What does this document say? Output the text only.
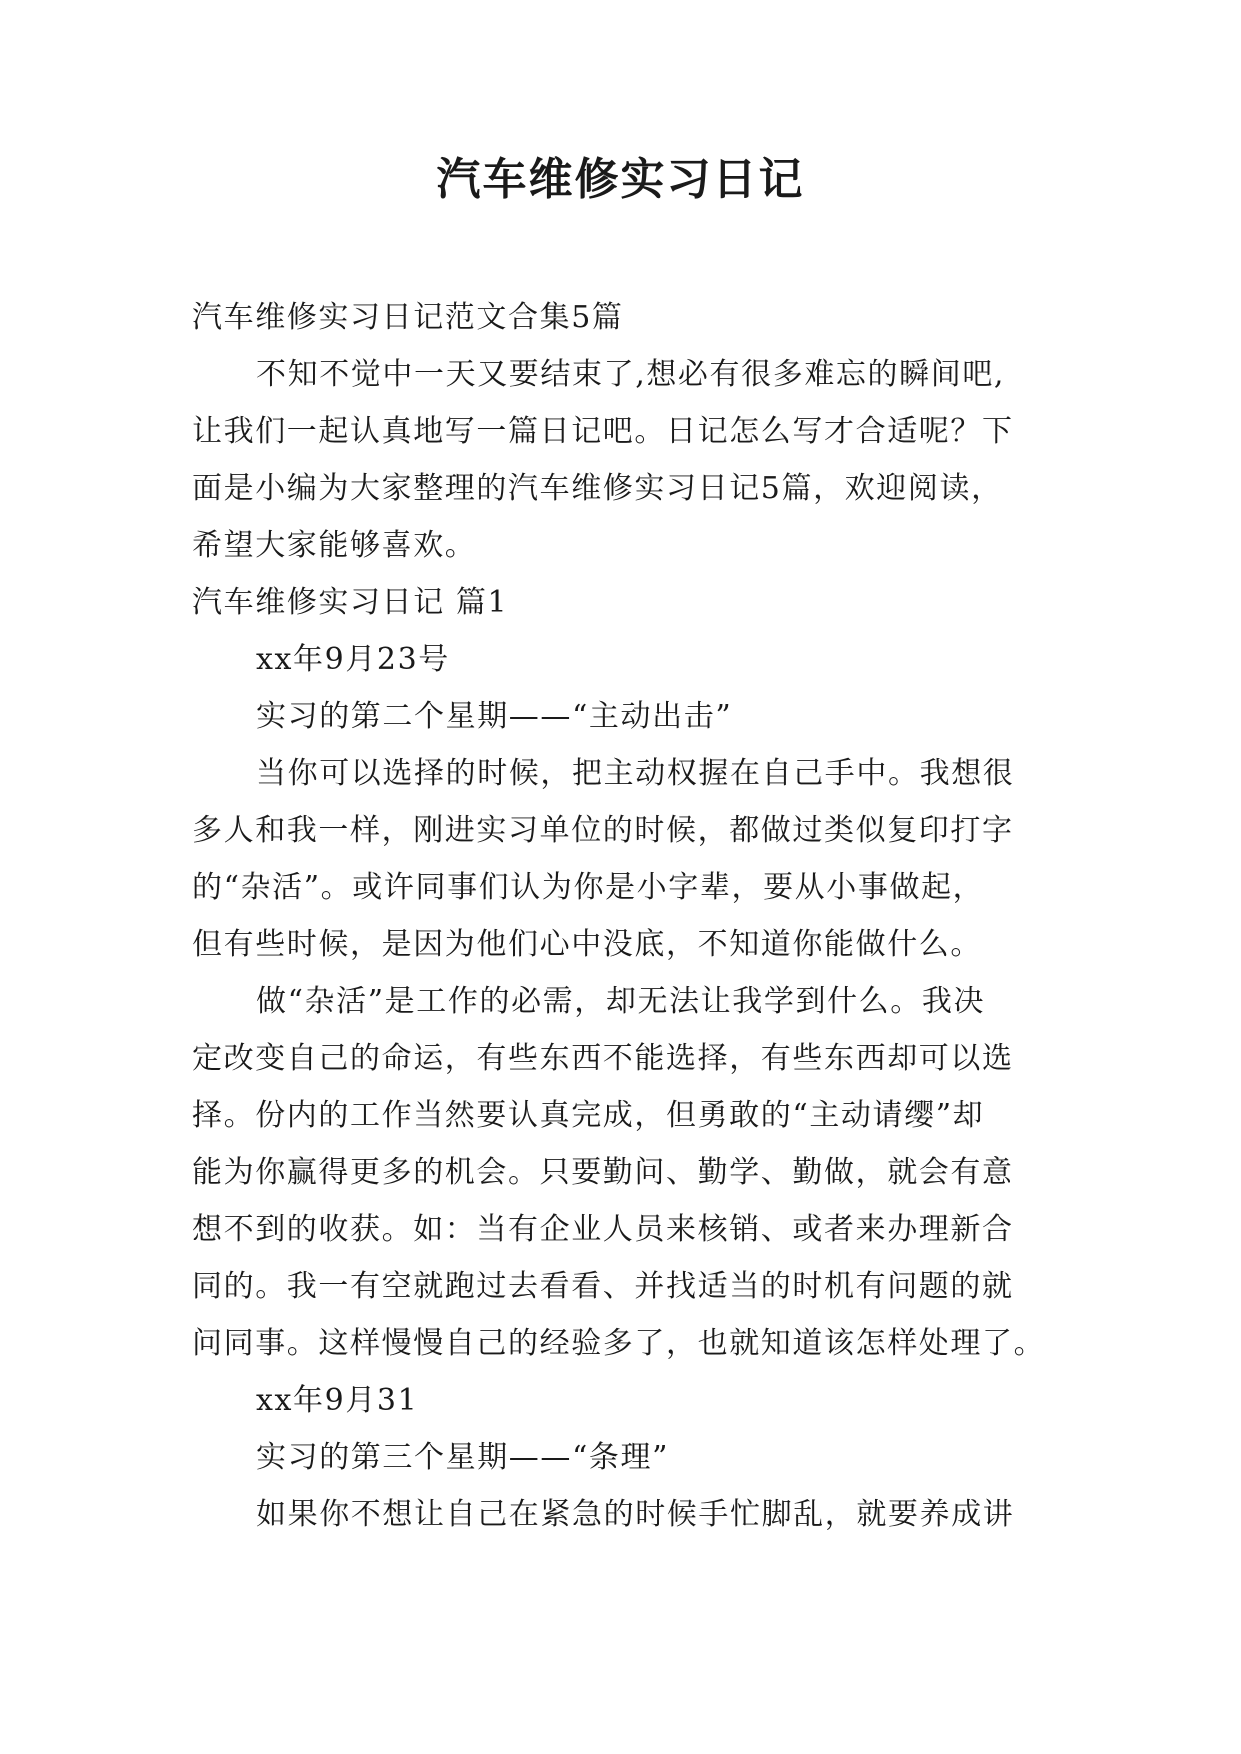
汽车维修实习日记

汽车维修实习日记范文合集5篇

不知不觉中一天又要结束了,想必有很多难忘的瞬间吧,

让我们一起认真地写一篇日记吧。日记怎么写才合适呢？下

面是小编为大家整理的汽车维修实习日记5篇，欢迎阅读，

希望大家能够喜欢。

汽车维修实习日记 篇1

xx年9月23号

实习的第二个星期——“主动出击”

当你可以选择的时候，把主动权握在自己手中。我想很

多人和我一样，刚进实习单位的时候，都做过类似复印打字

的“杂活”。或许同事们认为你是小字辈，要从小事做起，

但有些时候，是因为他们心中没底，不知道你能做什么。

做“杂活”是工作的必需，却无法让我学到什么。我决

定改变自己的命运，有些东西不能选择，有些东西却可以选

择。份内的工作当然要认真完成，但勇敢的“主动请缨”却

能为你赢得更多的机会。只要勤问、勤学、勤做，就会有意

想不到的收获。如：当有企业人员来核销、或者来办理新合

同的。我一有空就跑过去看看、并找适当的时机有问题的就

问同事。这样慢慢自己的经验多了，也就知道该怎样处理了。

xx年9月31

实习的第三个星期——“条理”

如果你不想让自己在紧急的时候手忙脚乱，就要养成讲
